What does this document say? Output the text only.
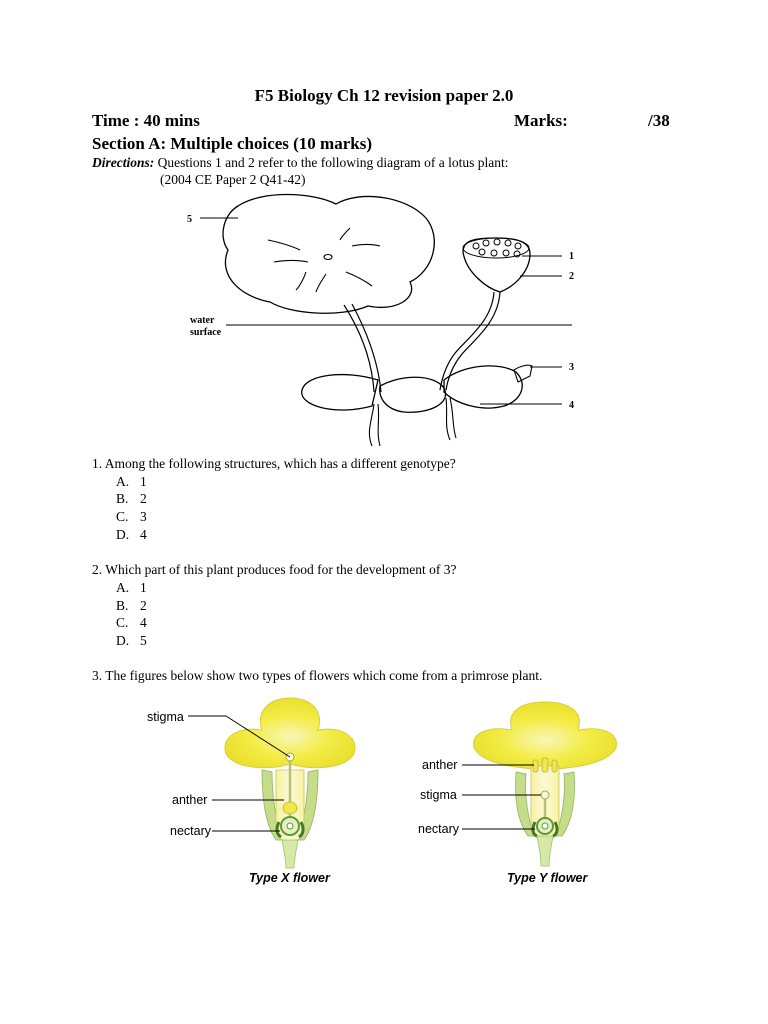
F5 Biology Ch 12 revision paper 2.0
Time : 40 mins	Marks:	/38
Section A: Multiple choices (10 marks)
Directions: Questions 1 and 2 refer to the following diagram of a lotus plant:
(2004 CE Paper 2 Q41-42)
5
1
2
3
4
water
surface
1. Among the following structures, which has a different genotype?
A. 1
B. 2
C. 3
D. 4
2. Which part of this plant produces food for the development of 3?
A. 1
B. 2
C. 4
D. 5
3. The figures below show two types of flowers which come from a primrose plant.
stigma
anther
nectary
Type X flower
anther
stigma
nectary
Type Y flower
